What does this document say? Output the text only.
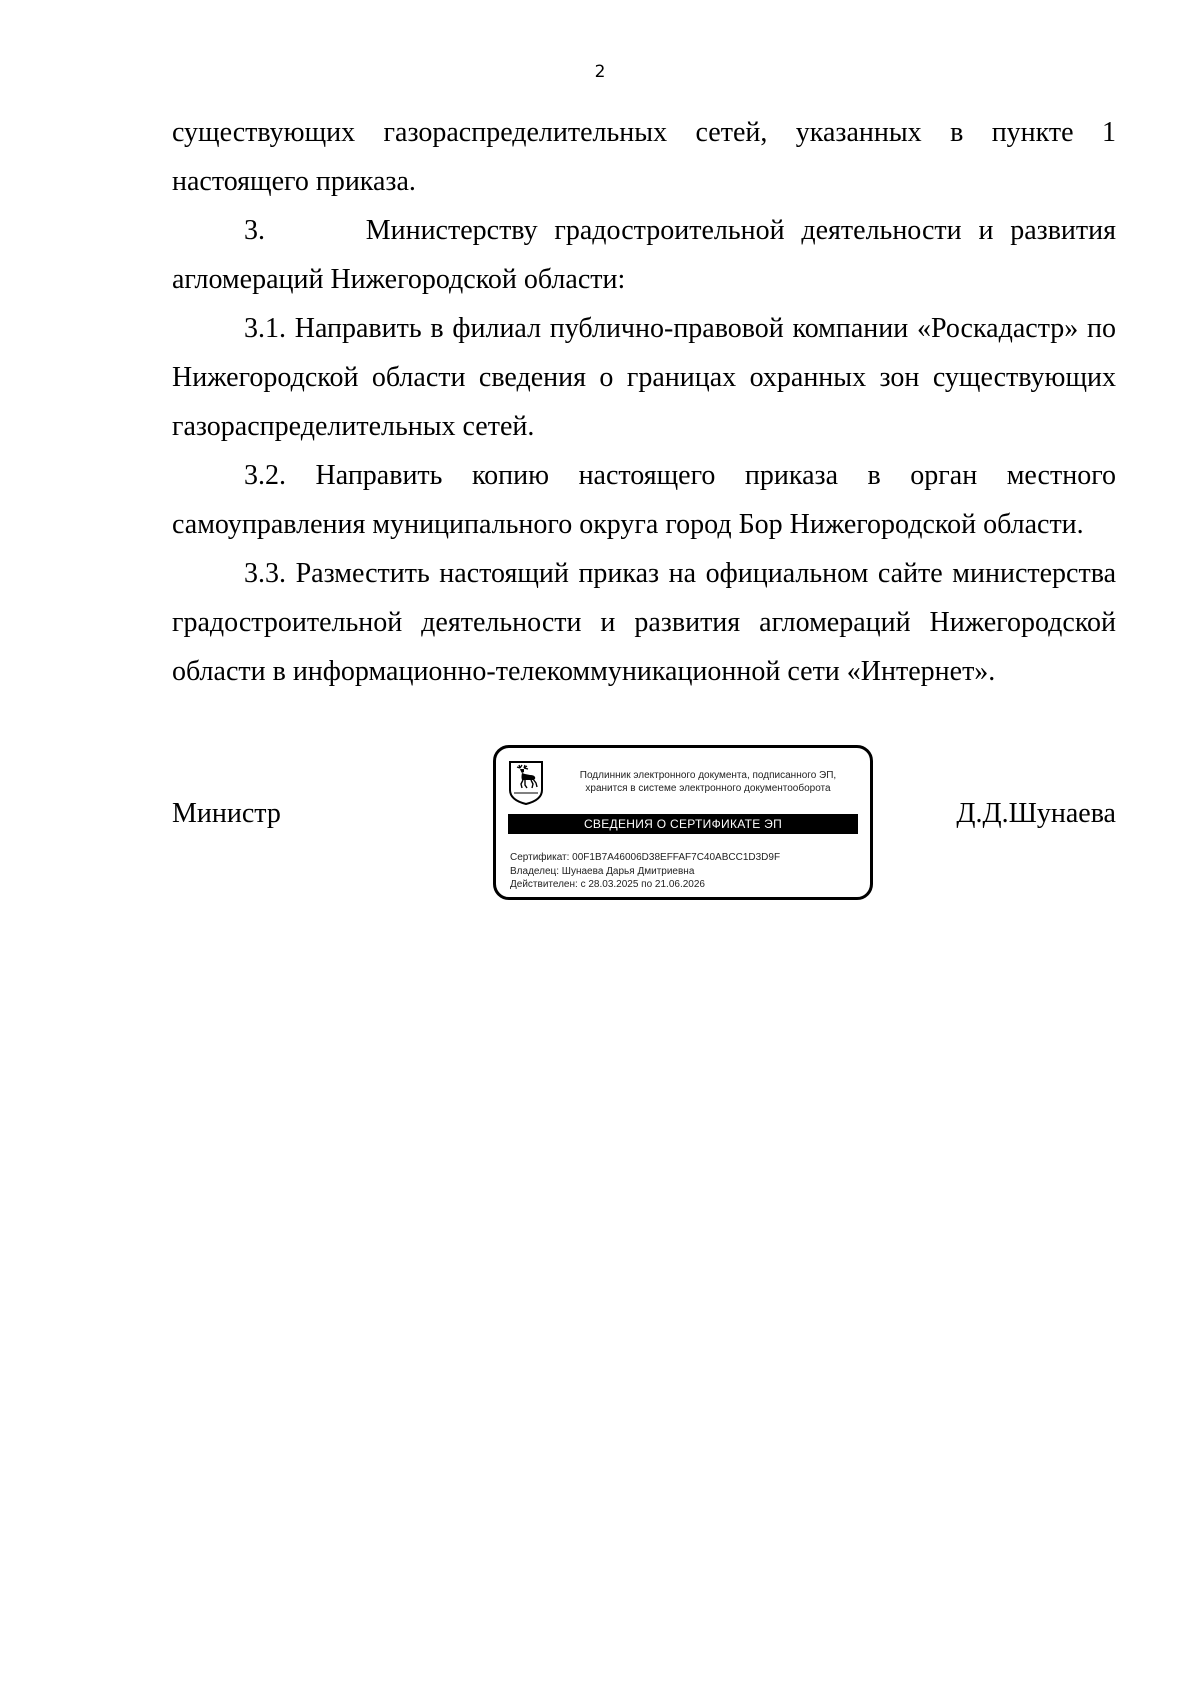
2

существующих газораспределительных сетей, указанных в пункте 1 настоящего приказа.

3.      Министерству градостроительной деятельности и развития агломераций Нижегородской области:

3.1. Направить в филиал публично-правовой компании «Роскадастр» по Нижегородской области сведения о границах охранных зон существующих газораспределительных сетей.

3.2. Направить копию настоящего приказа в орган местного самоуправления муниципального округа город Бор Нижегородской области.

3.3. Разместить настоящий приказ на официальном сайте министерства градостроительной деятельности и развития агломераций Нижегородской области в информационно-телекоммуникационной сети «Интернет».

Министр
Подлинник электронного документа, подписанного ЭП,
хранится в системе электронного документооборота
СВЕДЕНИЯ О СЕРТИФИКАТЕ ЭП
Сертификат: 00F1B7A46006D38EFFAF7C40ABCC1D3D9F
Владелец: Шунаева Дарья Дмитриевна
Действителен: с 28.03.2025 по 21.06.2026
Д.Д.Шунаева
